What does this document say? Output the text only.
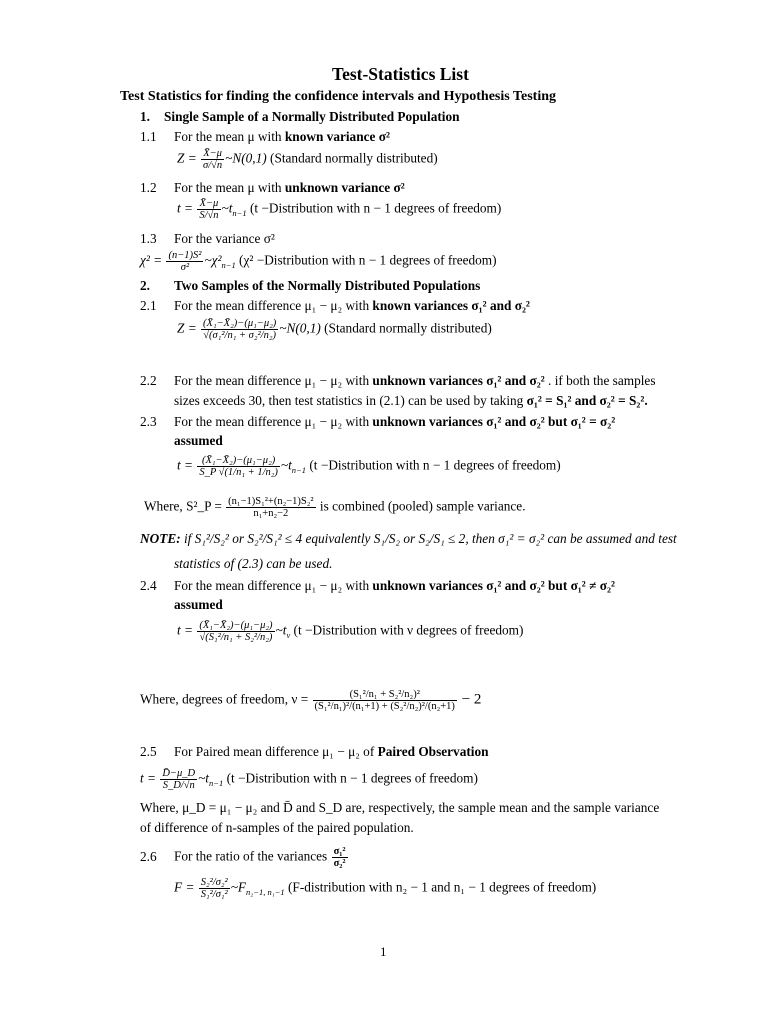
Test-Statistics List
Test Statistics for finding the confidence intervals and Hypothesis Testing
1. Single Sample of a Normally Distributed Population
1.1 For the mean μ with known variance σ²
$Z = \frac{X̄-\mu}{\sigma/√n}$ ~N(0,1) (Standard normally distributed)
1.2 For the mean μ with unknown variance σ²
$t = \frac{X̄-\mu}{S/√n}$ $\sim t_{n-1}$ (t −Distribution with n − 1 degrees of freedom)
1.3 For the variance σ²
$\chi^2 = \frac{\text{(n−1)S²}}{\text{σ²}}$ $\sim\chi^2_{n-1}$ (χ² −Distribution with n − 1 degrees of freedom)
2. Two Samples of the Normally Distributed Populations
2.1 For the mean difference μ₁ − μ₂ with known variances σ₁² and σ₂²
$Z = \frac{\text{(X̄₁−X̄₂)−(μ₁−μ₂)}}{\text{√(σ₁²/n₁ + σ₂²/n₂)}}$ ~N(0,1) (Standard normally distributed)
2.2 For the mean difference μ₁ − μ₂ with unknown variances σ₁² and σ₂² . if both the samples
sizes exceeds 30, then test statistics in (2.1) can be used by taking σ₁² = S₁² and σ₂² = S₂².
2.3 For the mean difference μ₁ − μ₂ with unknown variances σ₁² and σ₂² but σ₁² = σ₂²
assumed
$t = \frac{\text{(X̄₁−X̄₂)−(μ₁−μ₂)}}{\text{S\_P √(1/n₁ + 1/n₂)}}$ $\sim t_{n-1}$ (t −Distribution with n − 1 degrees of freedom)
Where, S²_P = $\frac{\text{(n₁−1)S₁²+(n₂−1)S₂²}}{\text{n₁+n₂−2}}$ is combined (pooled) sample variance.
NOTE: if S₁²/S₂² or S₂²/S₁² ≤ 4 equivalently S₁/S₂ or S₂/S₁ ≤ 2, then σ₁² = σ₂² can be assumed and test
statistics of (2.3) can be used.
2.4 For the mean difference μ₁ − μ₂ with unknown variances σ₁² and σ₂² but σ₁² ≠ σ₂²
assumed
$t = \frac{\text{(X̄₁−X̄₂)−(μ₁−μ₂)}}{\text{√(S₁²/n₁ + S₂²/n₂)}}$ $\sim t_\nu$ (t −Distribution with ν degrees of freedom)
Where, degrees of freedom, $\nu = \frac{\text{(S₁²/n₁ + S₂²/n₂)²}}{\text{(S₁²/n₁)²/(n₁+1) + (S₂²/n₂)²/(n₂+1)}} - 2$
2.5 For Paired mean difference μ₁ − μ₂ of Paired Observation
$t = \frac{D̄-\mu\_D}{S\_D/√n}$ $\sim t_{n-1}$ (t −Distribution with n − 1 degrees of freedom)
Where, μ_D = μ₁ − μ₂ and D̄ and S_D are, respectively, the sample mean and the sample variance
of difference of n-samples of the paired population.
2.6 For the ratio of the variances $\frac{\text{σ₁²}}{\text{σ₂²}}$
$F = \frac{\text{S₂²/σ₂²}}{\text{S₁²/σ₁²}}$ $\sim F_{n_2-1, n_1-1}$ (F-distribution with n₂ − 1 and n₁ − 1 degrees of freedom)
1
